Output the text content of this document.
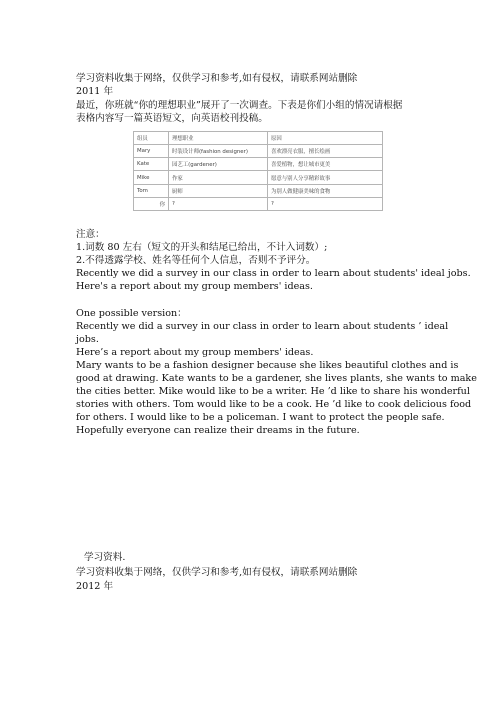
学习资料收集于网络，仅供学习和参考,如有侵权，请联系网站删除
2011 年
最近，你班就“你的理想职业”展开了一次调查。下表是你们小组的情况请根据
表格内容写一篇英语短文，向英语校刊投稿。
组员	理想职业	原因
Mary	时装设计师(fashion designer)	喜欢漂亮衣服，擅长绘画
Kate	园艺工(gardener)	喜爱植物，想让城市更美
Mike	作家	愿意与别人分享精彩故事
Tom	厨师	为别人做健康美味的食物
你	?	?
注意：
1.词数 80 左右（短文的开头和结尾已给出，不计入词数）;
2.不得透露学校、姓名等任何个人信息，否则不予评分。
Recently we did a survey in our class in order to learn about students' ideal jobs.
Here's a report about my group members' ideas.
One possible version：
Recently we did a survey in our class in order to learn about students ’ ideal
jobs.
Here’s a report about my group members' ideas.
Mary wants to be a fashion designer because she likes beautiful clothes and is
good at drawing. Kate wants to be a gardener, she lives plants, she wants to make
the cities better. Mike would like to be a writer. He ’d like to share his wonderful
stories with others. Tom would like to be a cook. He ’d like to cook delicious food
for others. I would like to be a policeman. I want to protect the people safe.
Hopefully everyone can realize their dreams in the future.
学习资料.
学习资料收集于网络，仅供学习和参考,如有侵权，请联系网站删除
2012 年
